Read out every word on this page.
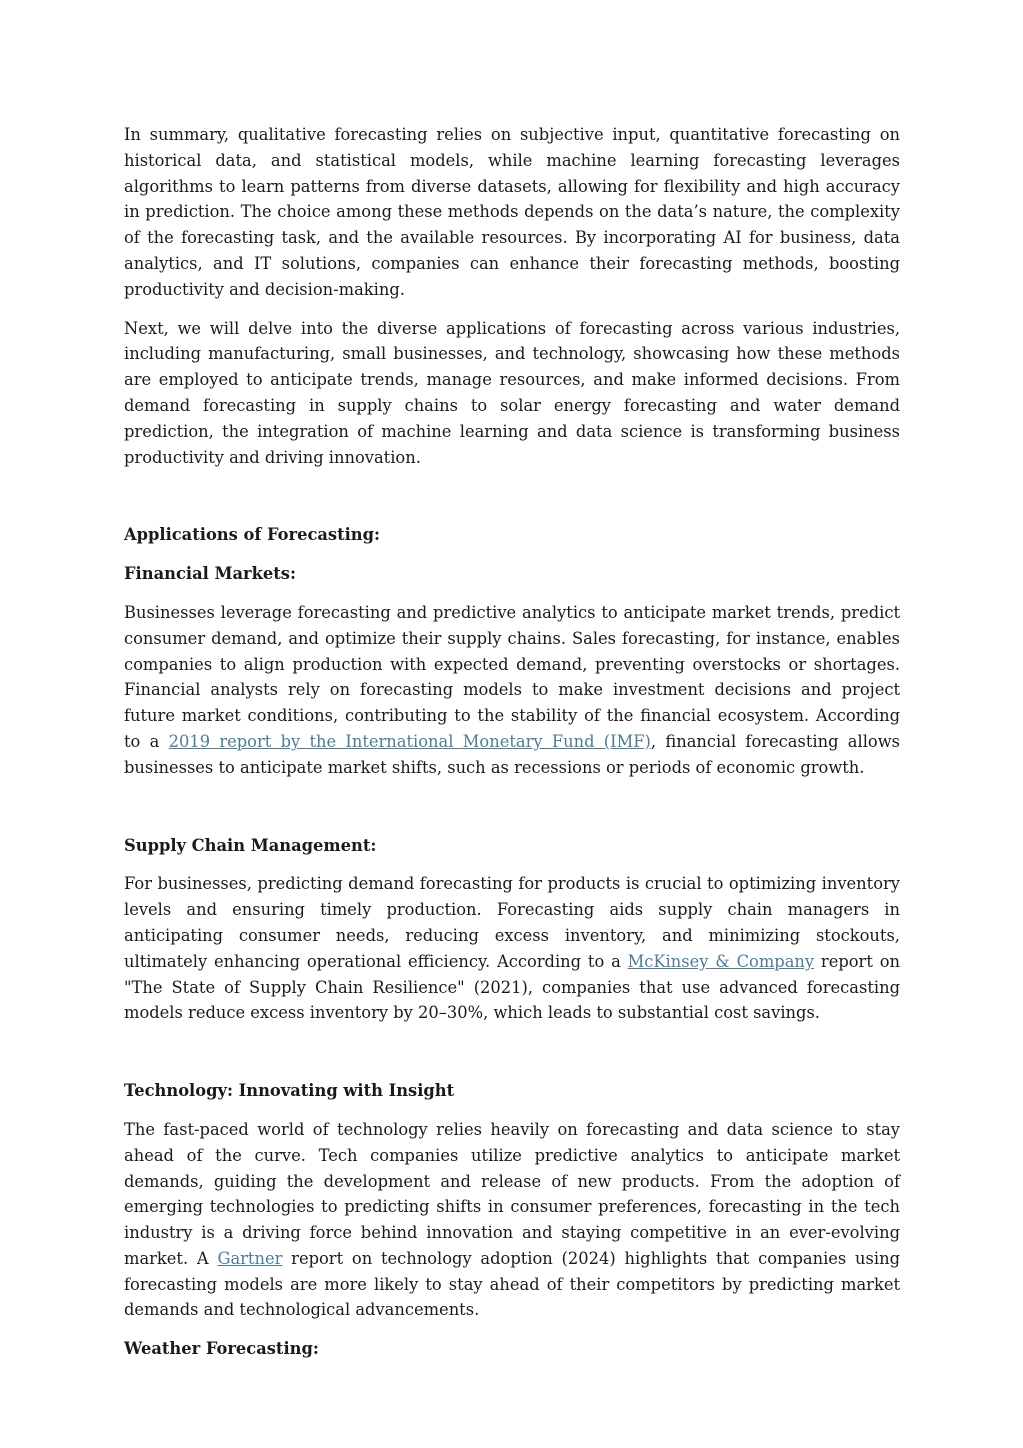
In summary, qualitative forecasting relies on subjective input, quantitative forecasting on historical data, and statistical models, while machine learning forecasting leverages algorithms to learn patterns from diverse datasets, allowing for flexibility and high accuracy in prediction. The choice among these methods depends on the data’s nature, the complexity of the forecasting task, and the available resources. By incorporating AI for business, data analytics, and IT solutions, companies can enhance their forecasting methods, boosting productivity and decision-making.

Next, we will delve into the diverse applications of forecasting across various industries, including manufacturing, small businesses, and technology, showcasing how these methods are employed to anticipate trends, manage resources, and make informed decisions. From demand forecasting in supply chains to solar energy forecasting and water demand prediction, the integration of machine learning and data science is transforming business productivity and driving innovation.

Applications of Forecasting:
Financial Markets:

Businesses leverage forecasting and predictive analytics to anticipate market trends, predict consumer demand, and optimize their supply chains. Sales forecasting, for instance, enables companies to align production with expected demand, preventing overstocks or shortages. Financial analysts rely on forecasting models to make investment decisions and project future market conditions, contributing to the stability of the financial ecosystem. According to a 2019 report by the International Monetary Fund (IMF), financial forecasting allows businesses to anticipate market shifts, such as recessions or periods of economic growth.

Supply Chain Management:

For businesses, predicting demand forecasting for products is crucial to optimizing inventory levels and ensuring timely production. Forecasting aids supply chain managers in anticipating consumer needs, reducing excess inventory, and minimizing stockouts, ultimately enhancing operational efficiency. According to a McKinsey & Company report on "The State of Supply Chain Resilience" (2021), companies that use advanced forecasting models reduce excess inventory by 20–30%, which leads to substantial cost savings.

Technology: Innovating with Insight

The fast-paced world of technology relies heavily on forecasting and data science to stay ahead of the curve. Tech companies utilize predictive analytics to anticipate market demands, guiding the development and release of new products. From the adoption of emerging technologies to predicting shifts in consumer preferences, forecasting in the tech industry is a driving force behind innovation and staying competitive in an ever-evolving market. A Gartner report on technology adoption (2024) highlights that companies using forecasting models are more likely to stay ahead of their competitors by predicting market demands and technological advancements.

Weather Forecasting:
